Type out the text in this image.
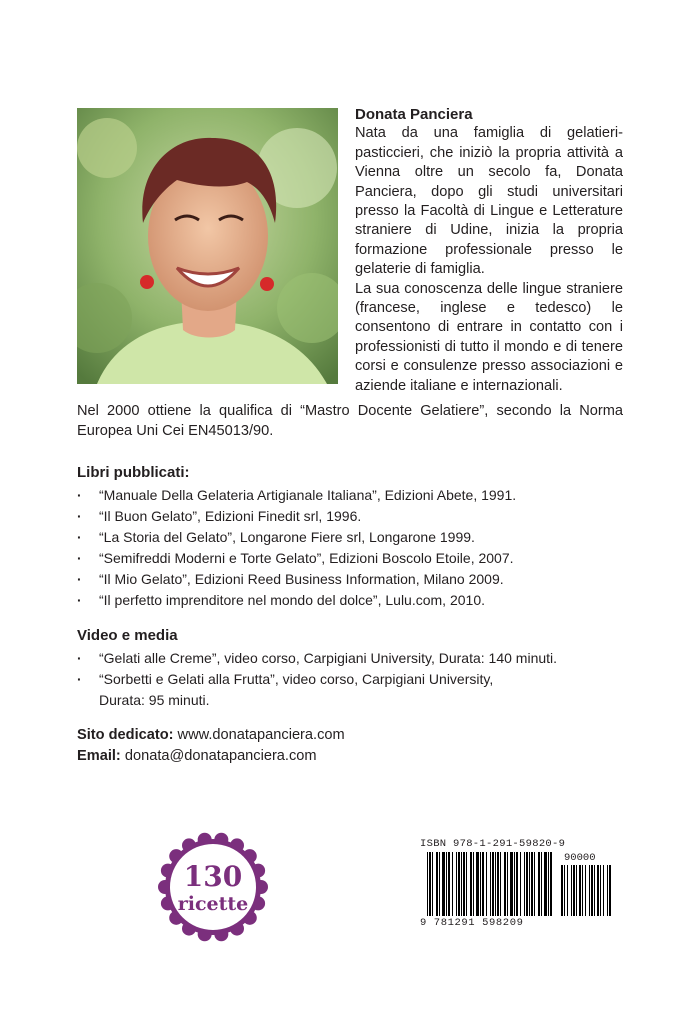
Donata Panciera

Nata da una famiglia di gelatieri-pasticcieri, che iniziò la propria attività a Vienna oltre un secolo fa, Donata Panciera, dopo gli studi universitari presso la Facoltà di Lingue e Letterature straniere di Udine, inizia la propria formazione professionale presso le gelaterie di famiglia.

La sua conoscenza delle lingue straniere (francese, inglese e tedesco) le consentono di entrare in contatto con i professionisti di tutto il mondo e di tenere corsi e consulenze presso associazioni e aziende italiane e internazionali.

Nel 2000 ottiene la qualifica di “Mastro Docente Gelatiere”, secondo la Norma Europea Uni Cei EN45013/90.

Libri pubblicati:
· “Manuale Della Gelateria Artigianale Italiana”, Edizioni Abete, 1991.
· “Il Buon Gelato”, Edizioni Finedit srl, 1996.
· “La Storia del Gelato”, Longarone Fiere srl, Longarone 1999.
· “Semifreddi Moderni e Torte Gelato”, Edizioni Boscolo Etoile, 2007.
· “Il Mio Gelato”, Edizioni Reed Business Information, Milano 2009.
· “Il perfetto imprenditore nel mondo del dolce”, Lulu.com, 2010.
Video e media
· “Gelati alle Creme”, video corso, Carpigiani University, Durata: 140 minuti.
· “Sorbetti e Gelati alla Frutta”, video corso, Carpigiani University, Durata: 95 minuti.
Sito dedicato: www.donatapanciera.com
Email: donata@donatapanciera.com
130
ricette
ISBN 978-1-291-59820-9
90000
9 781291 598209
